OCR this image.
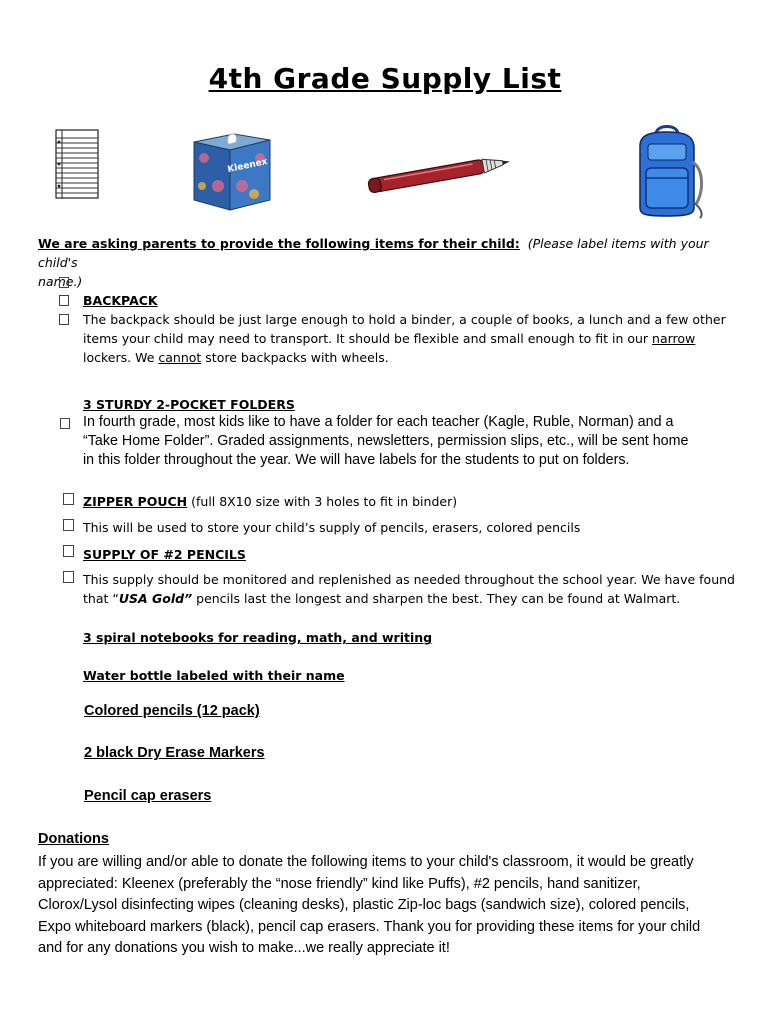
4th Grade Supply List
Kleenex
We are asking parents to provide the following items for their child: (Please label items with your child's
name.)
BACKPACK
The backpack should be just large enough to hold a binder, a couple of books, a lunch and a few other
items your child may need to transport. It should be flexible and small enough to fit in our narrow
lockers. We cannot store backpacks with wheels.
3 STURDY 2-POCKET FOLDERS
In fourth grade, most kids like to have a folder for each teacher (Kagle, Ruble, Norman) and a
“Take Home Folder”. Graded assignments, newsletters, permission slips, etc., will be sent home
in this folder throughout the year. We will have labels for the students to put on folders.
ZIPPER POUCH (full 8X10 size with 3 holes to fit in binder)
This will be used to store your child’s supply of pencils, erasers, colored pencils
SUPPLY OF #2 PENCILS
This supply should be monitored and replenished as needed throughout the school year. We have found
that “USA Gold” pencils last the longest and sharpen the best. They can be found at Walmart.
3 spiral notebooks for reading, math, and writing
Water bottle labeled with their name
Colored pencils (12 pack)
2 black Dry Erase Markers
Pencil cap erasers
Donations
If you are willing and/or able to donate the following items to your child's classroom, it would be greatly
appreciated: Kleenex (preferably the “nose friendly” kind like Puffs), #2 pencils, hand sanitizer,
Clorox/Lysol disinfecting wipes (cleaning desks), plastic Zip-loc bags (sandwich size), colored pencils,
Expo whiteboard markers (black), pencil cap erasers. Thank you for providing these items for your child
and for any donations you wish to make...we really appreciate it!
